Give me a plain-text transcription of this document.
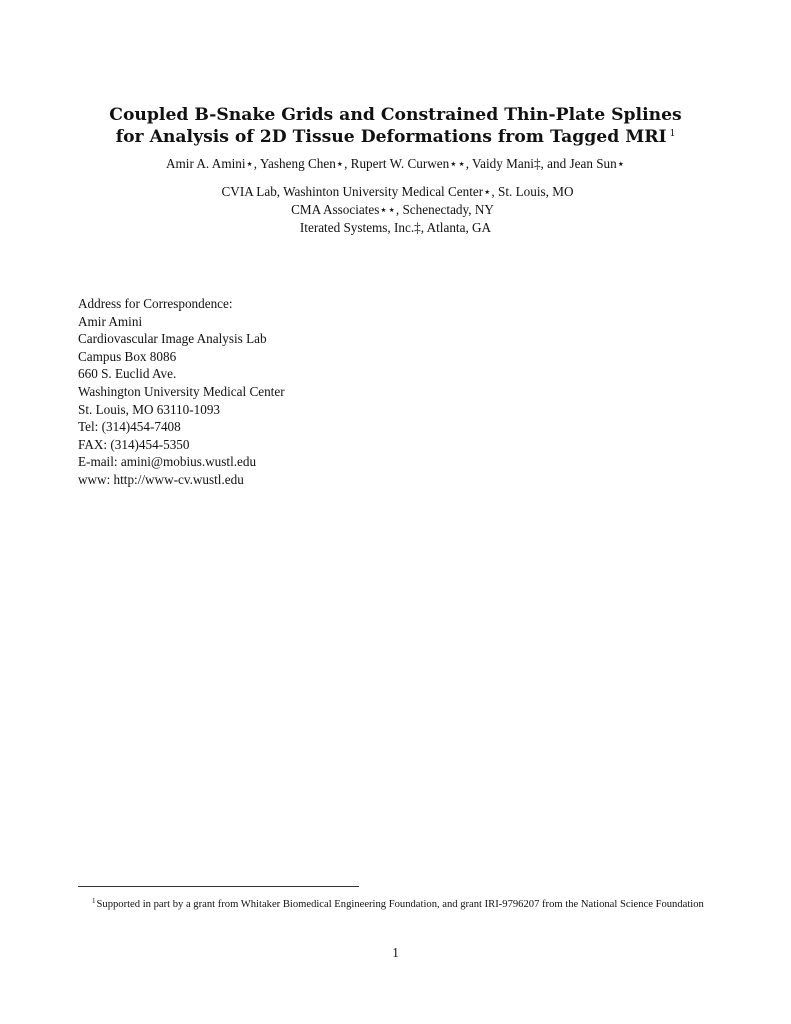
Coupled B-Snake Grids and Constrained Thin-Plate Splines
for Analysis of 2D Tissue Deformations from Tagged MRI $^1$
Amir A. Amini⋆, Yasheng Chen⋆, Rupert W. Curwen⋆⋆, Vaidy Mani‡, and Jean Sun⋆
CVIA Lab, Washinton University Medical Center⋆, St. Louis, MO
CMA Associates⋆⋆, Schenectady, NY
Iterated Systems, Inc.‡, Atlanta, GA
Address for Correspondence:
Amir Amini
Cardiovascular Image Analysis Lab
Campus Box 8086
660 S. Euclid Ave.
Washington University Medical Center
St. Louis, MO 63110-1093
Tel: (314)454-7408
FAX: (314)454-5350
E-mail: amini@mobius.wustl.edu
www: http://www-cv.wustl.edu
$^1$Supported in part by a grant from Whitaker Biomedical Engineering Foundation, and grant IRI-9796207 from the National Science Foundation
1
